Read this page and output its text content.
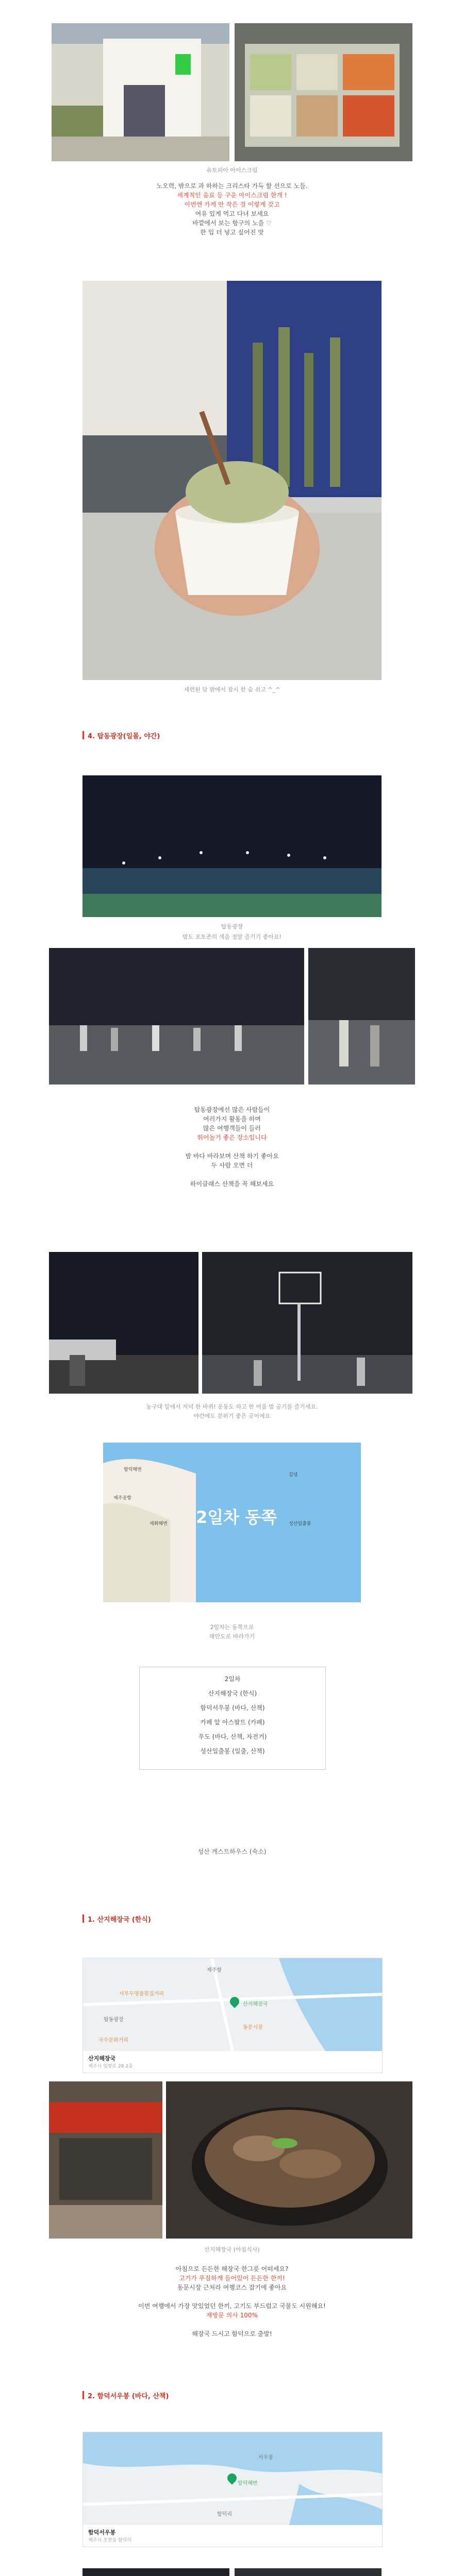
유토피아 아이스크림
노오력, 밖으로 과 하하는 크리스타 가득 할 선으로 노들.
세계적인 음료 등 구운 아이스크림 한개 !
이번엔 가게 안 작은 걸 이렇게 갖고
여유 있게 먹고 다녀 보세요
바깥에서 보는 항구의 노을 ♡
한 입 더 넣고 싶어진 맛
세련된 담 밖에서 잠시 한 숨 쉬고 ^_^
4. 탑동광장(일몰, 야간)
탑동광장
밤도 포토존의 색을 정말 즐기기 좋아요!
탑동광장에선 많은 사람들이
여러가지 활동을 하며
많은 여행객들이 들러
뛰어놀기 좋은 장소입니다
밤 바다 바라보며 산책 하기 좋아요
두 사람 오면 더
하이클래스 산책을 꼭 해보세요
농구대 밑에서 저녁 한 바퀴! 운동도 하고 한 여름 밤 공기를 즐기세요.
야간에도 분위기 좋은 곳이에요
2일차 동쪽
함덕해변
제주공항
세화해변
김녕
성산일출봉
2일차는 동쪽으로
해안도로 따라가기
2일차
산지해장국 (한식)
함덕서우봉 (바다, 산책)
카페 앞 아스팔트 (카페)
우도 (바다, 산책, 자전거)
성산일출봉 (일출, 산책)
성산 게스트하우스 (숙소)
1. 산지해장국 (한식)
제주항
서부두명품횟집거리
산지해장국
동문시장
탑동광장
국수문화거리
산지해장국
제주시 임항로 28 2층
산지해장국 (아침식사)
아침으로 든든한 해장국 한그릇 어떠세요?
고기가 푸짐하게 들어있어 든든한 한끼!
동문시장 근처라 여행코스 잡기에 좋아요
이번 여행에서 가장 맛있었던 한끼, 고기도 부드럽고 국물도 시원해요!
재방문 의사 100%
해장국 드시고 함덕으로 출발!
2. 함덕서우봉 (바다, 산책)
함덕해변
서우봉
함덕리
함덕서우봉
제주시 조천읍 함덕리
